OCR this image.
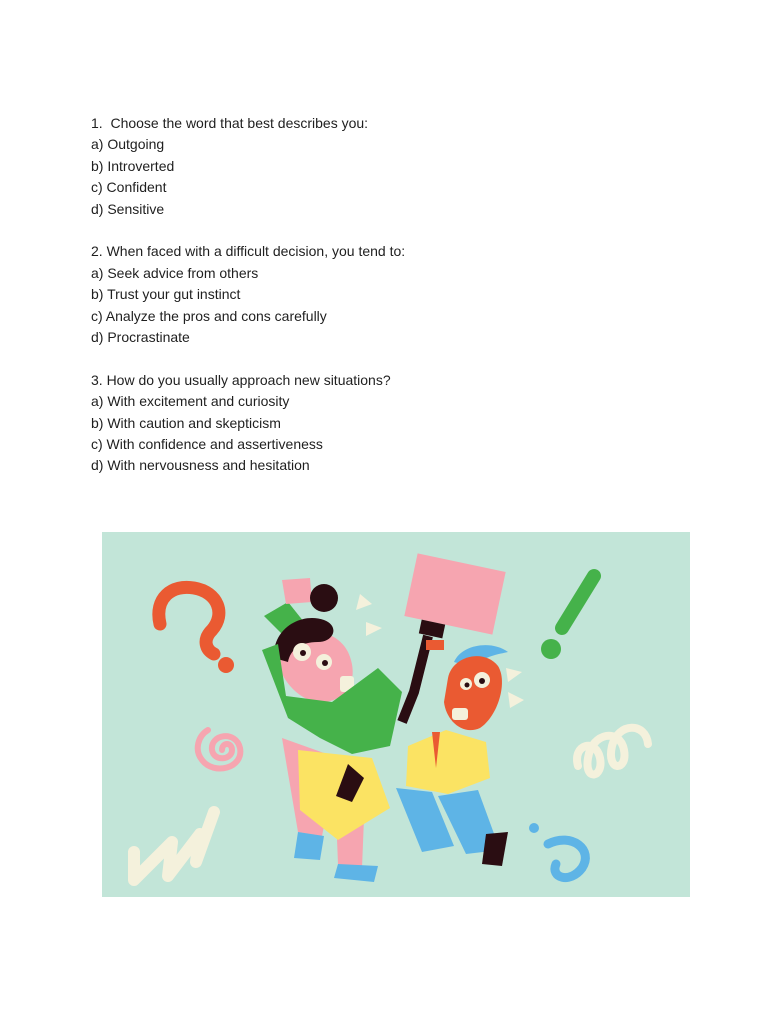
1.  Choose the word that best describes you:
a) Outgoing
b) Introverted
c) Confident
d) Sensitive
2. When faced with a difficult decision, you tend to:
a) Seek advice from others
b) Trust your gut instinct
c) Analyze the pros and cons carefully
d) Procrastinate
3. How do you usually approach new situations?
a) With excitement and curiosity
b) With caution and skepticism
c) With confidence and assertiveness
d) With nervousness and hesitation
